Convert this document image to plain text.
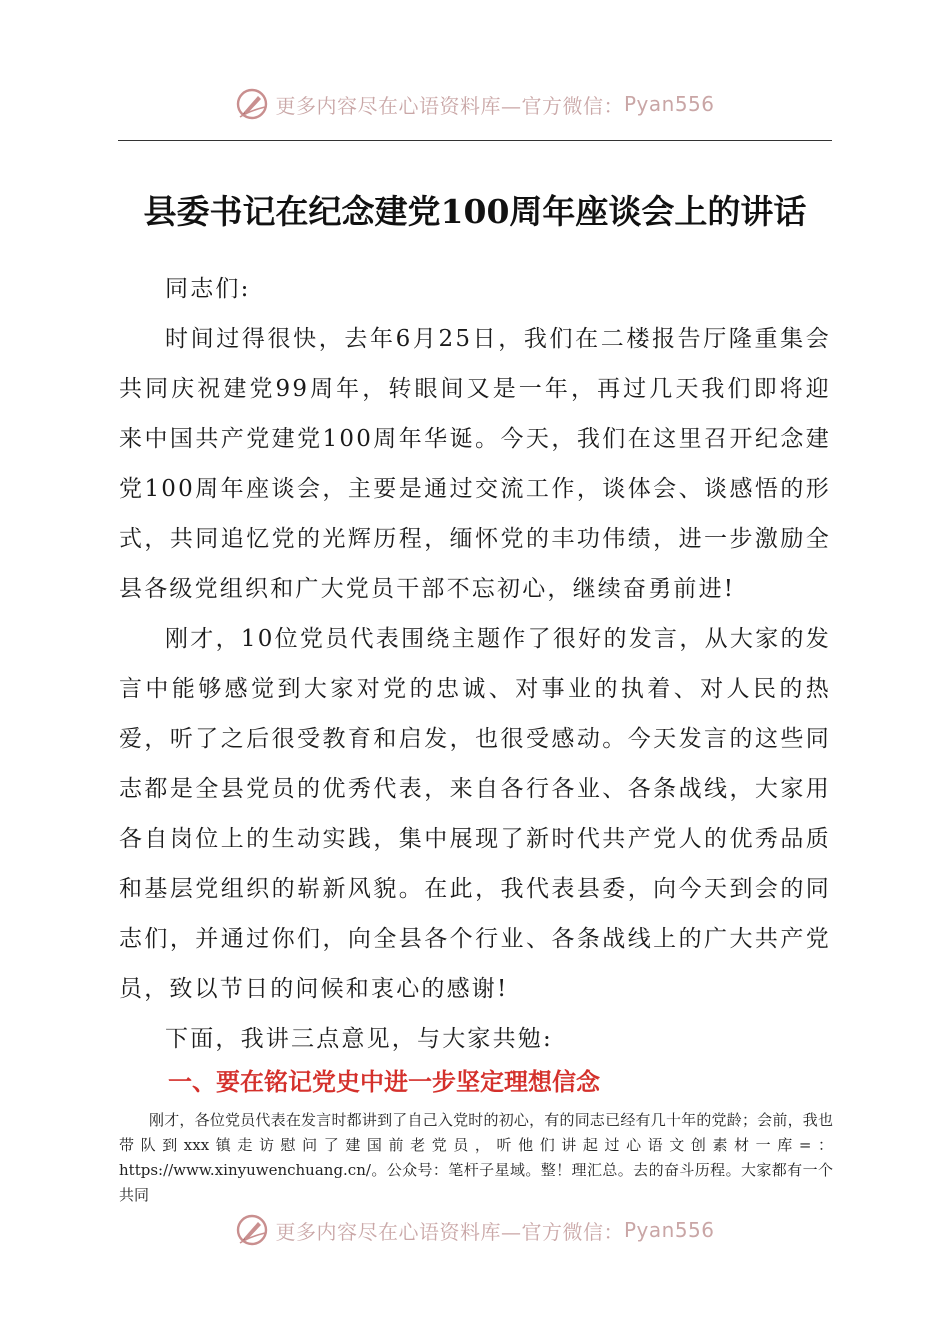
更多内容尽在心语资料库—官方微信： Pyan556
县委书记在纪念建党100周年座谈会上的讲话

同志们:

时间过得很快，去年6月25日，我们在二楼报告厅隆重集会共同庆祝建党99周年，转眼间又是一年，再过几天我们即将迎来中国共产党建党100周年华诞。今天，我们在这里召开纪念建党100周年座谈会，主要是通过交流工作，谈体会、谈感悟的形式，共同追忆党的光辉历程，缅怀党的丰功伟绩，进一步激励全县各级党组织和广大党员干部不忘初心，继续奋勇前进!

刚才，10位党员代表围绕主题作了很好的发言，从大家的发言中能够感觉到大家对党的忠诚、对事业的执着、对人民的热爱，听了之后很受教育和启发，也很受感动。今天发言的这些同志都是全县党员的优秀代表，来自各行各业、各条战线，大家用各自岗位上的生动实践，集中展现了新时代共产党人的优秀品质和基层党组织的崭新风貌。在此，我代表县委，向今天到会的同志们，并通过你们，向全县各个行业、各条战线上的广大共产党员，致以节日的问候和衷心的感谢!

下面，我讲三点意见，与大家共勉:

一、要在铭记党史中进一步坚定理想信念

刚才，各位党员代表在发言时都讲到了自己入党时的初心，有的同志已经有几十年的党龄；会前，我也带队到xxx镇走访慰问了建国前老党员，听他们讲起过心语文创素材一库=：https://www.xinyuwenchuang.cn/。公众号：笔杆子星域。整！理汇总。去的奋斗历程。大家都有一个共同

更多内容尽在心语资料库—官方微信： Pyan556
